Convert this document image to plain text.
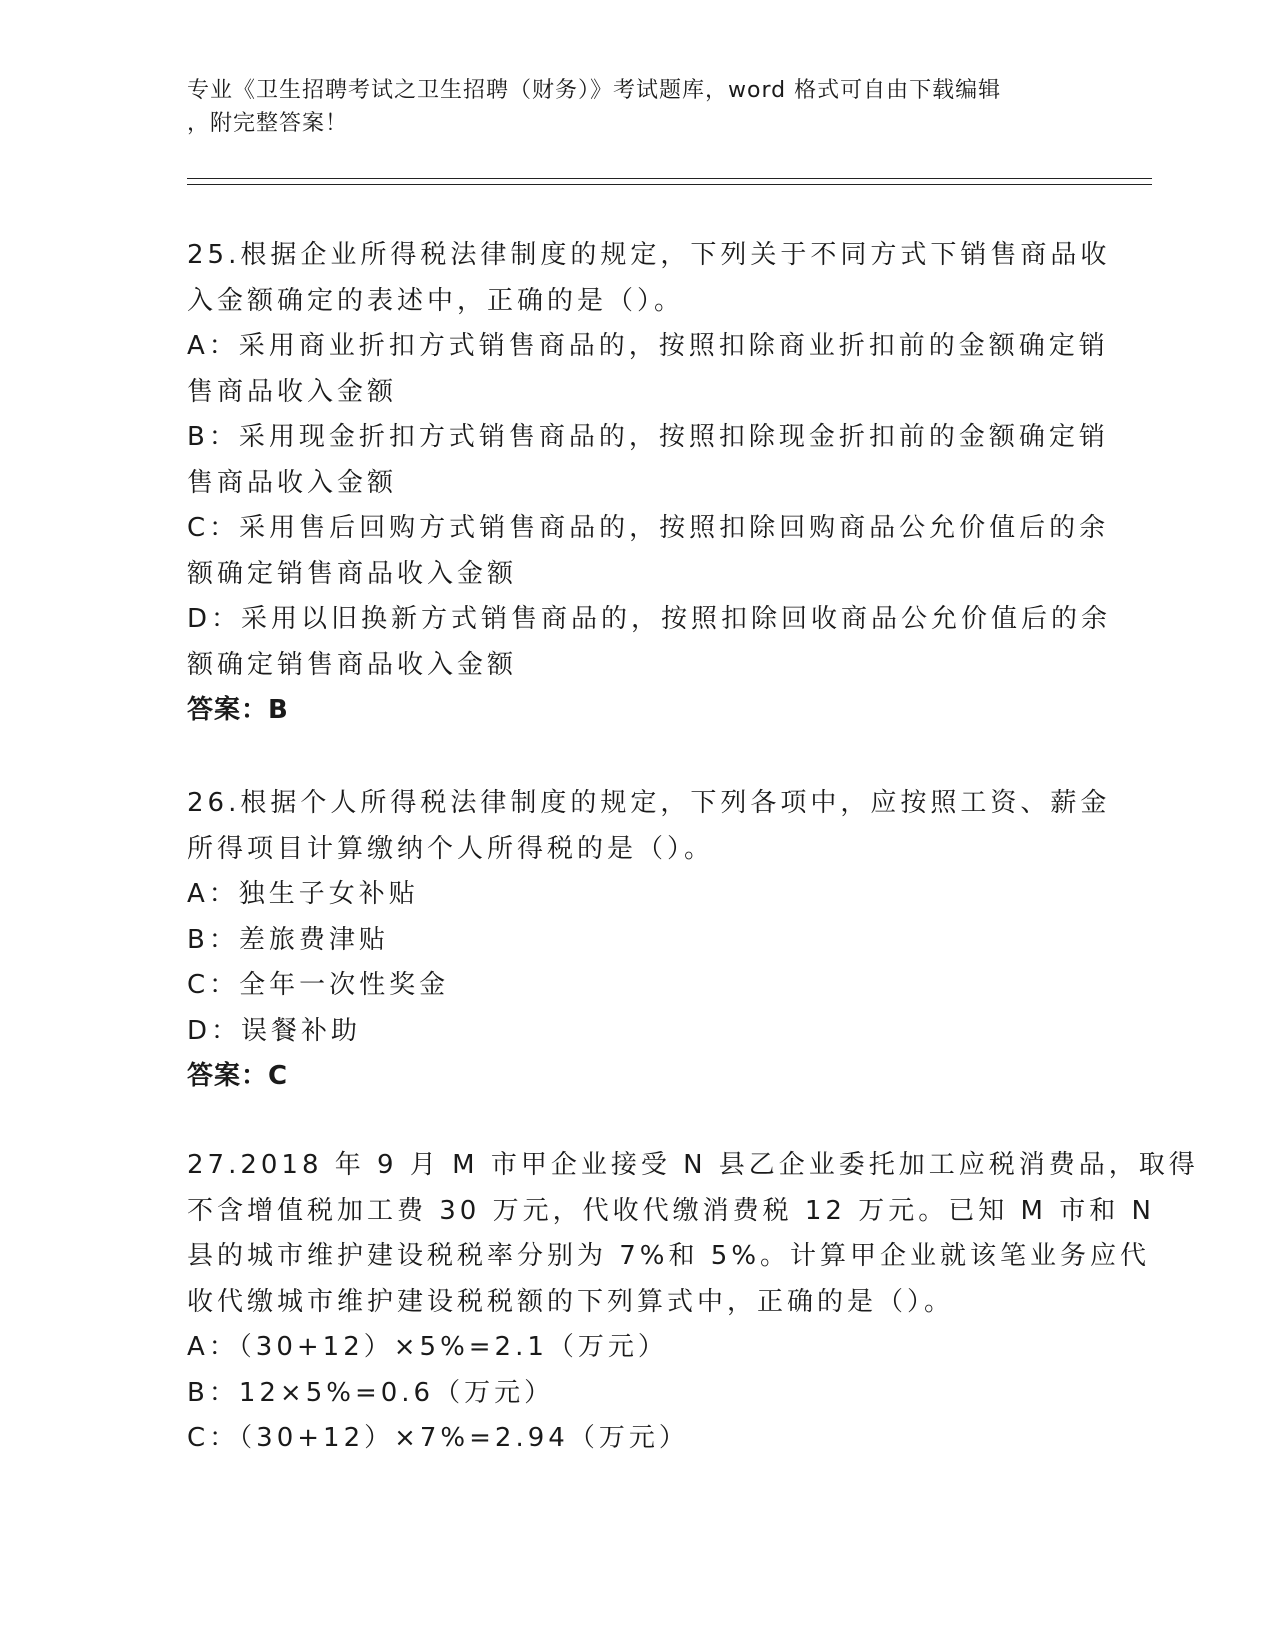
专业《卫生招聘考试之卫生招聘（财务）》考试题库，word 格式可自由下载编辑
，附完整答案！
25.根据企业所得税法律制度的规定，下列关于不同方式下销售商品收
入金额确定的表述中，正确的是（）。
A：采用商业折扣方式销售商品的，按照扣除商业折扣前的金额确定销
售商品收入金额
B：采用现金折扣方式销售商品的，按照扣除现金折扣前的金额确定销
售商品收入金额
C：采用售后回购方式销售商品的，按照扣除回购商品公允价值后的余
额确定销售商品收入金额
D：采用以旧换新方式销售商品的，按照扣除回收商品公允价值后的余
额确定销售商品收入金额
答案：B
26.根据个人所得税法律制度的规定，下列各项中，应按照工资、薪金
所得项目计算缴纳个人所得税的是（）。
A：独生子女补贴
B：差旅费津贴
C：全年一次性奖金
D：误餐补助
答案：C
27.2018 年 9 月 M 市甲企业接受 N 县乙企业委托加工应税消费品，取得
不含增值税加工费 30 万元，代收代缴消费税 12 万元。已知 M 市和 N
县的城市维护建设税税率分别为 7%和 5%。计算甲企业就该笔业务应代
收代缴城市维护建设税税额的下列算式中，正确的是（）。
A：（30+12）×5%=2.1（万元）
B：12×5%=0.6（万元）
C：（30+12）×7%=2.94（万元）
